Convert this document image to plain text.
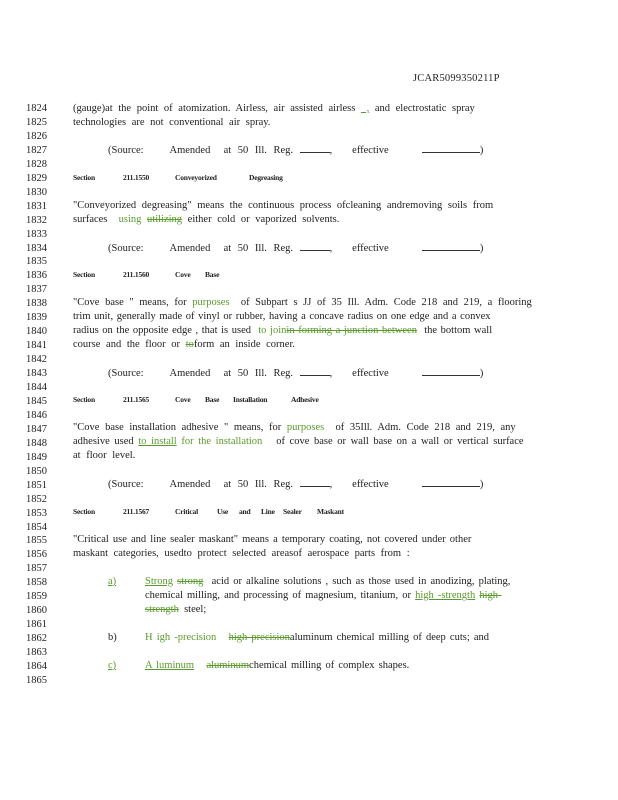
JCAR5099350211P
1824
1825
1826
1827
1828
1829
1830
1831
1832
1833
1834
1835
1836
1837
1838
1839
1840
1841
1842
1843
1844
1845
1846
1847
1848
1849
1850
1851
1852
1853
1854
1855
1856
1857
1858
1859
1860
1861
1862
1863
1864
1865
(gauge)at the point of atomization. Airless, air assisted airless  , and electrostatic spray
technologies are not conventional air spray.
(Source: Amended at 50 Ill. Reg.	, effective	)
Section	211.1550	Conveyorized	Degreasing
"Conveyorized degreasing" means the continuous process ofcleaning andremoving soils from
surfaces using utilizing either cold or vaporized solvents.
(Source: Amended at 50 Ill. Reg.	, effective	)
Section	211.1560	Cove Base
"Cove base " means, for purposes of Subpart s JJ of 35 Ill. Adm. Code 218 and 219, a flooring
trim unit, generally made of vinyl or rubber, having a concave radius on one edge and a convex
radius on the opposite edge , that is used to joinin forming a junction between the bottom wall
course and the floor or toform an inside corner.
(Source: Amended at 50 Ill. Reg.	, effective	)
Section	211.1565	Cove Base Installation	Adhesive
"Cove base installation adhesive " means, for purposes of 35Ill. Adm. Code 218 and 219, any
adhesive used to install for the installation of cove base or wall base on a wall or vertical surface
at floor level.
(Source: Amended at 50 Ill. Reg.	, effective	)
Section	211.1567	Critical	Use and Line Sealer Maskant
"Critical use and line sealer maskant" means a temporary coating, not covered under other
maskant categories, usedto protect selected areasof aerospace parts from :
a)	Strong strong acid or alkaline solutions , such as those used in anodizing, plating,
chemical milling, and processing of magnesium, titanium, or high -strength high-
strength steel;
b)	H igh -precision high precisionaluminum chemical milling of deep cuts; and
c)	A luminum aluminumchemical milling of complex shapes.
